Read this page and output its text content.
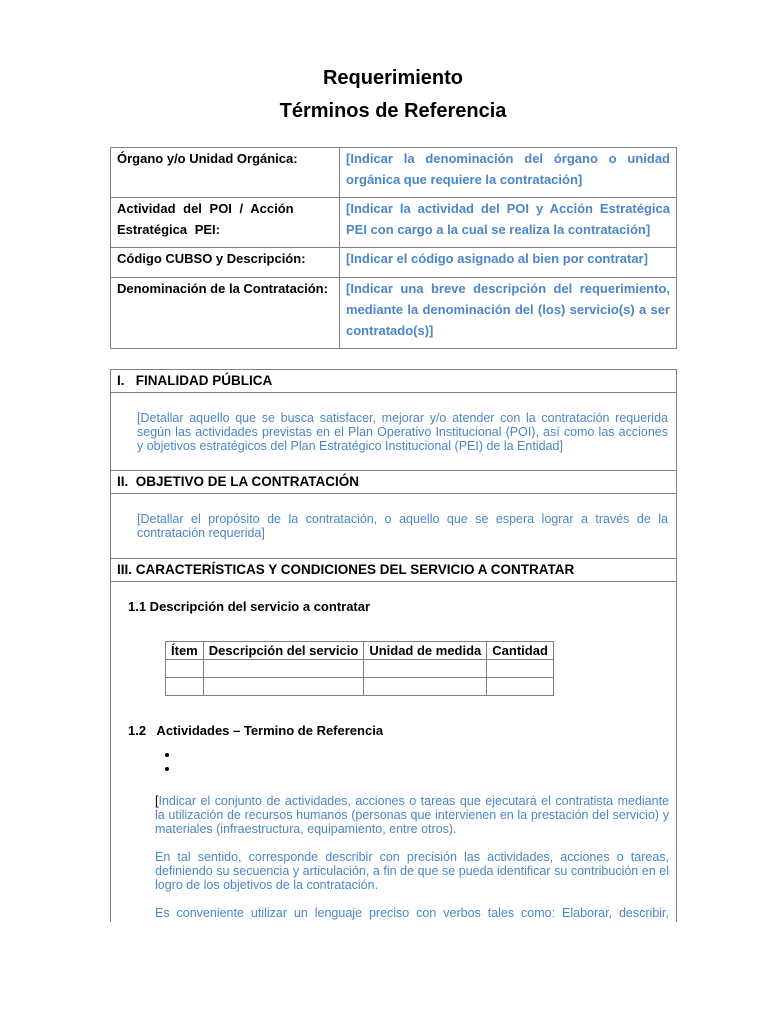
Requerimiento
Términos de Referencia
Órgano y/o Unidad Orgánica:	[Indicar la denominación del órgano o unidad orgánica que requiere la contratación]
Actividad del POI / Acción Estratégica PEI:	[Indicar la actividad del POI y Acción Estratégica PEI con cargo a la cual se realiza la contratación]
Código CUBSO y Descripción:	[Indicar el código asignado al bien por contratar]
Denominación de la Contratación:	[Indicar una breve descripción del requerimiento, mediante la denominación del (los) servicio(s) a ser contratado(s)]
I.   FINALIDAD PÚBLICA
[Detallar aquello que se busca satisfacer, mejorar y/o atender con la contratación requerida según las actividades previstas en el Plan Operativo Institucional (POI), así como las acciones y objetivos estratégicos del Plan Estratégico Institucional (PEI) de la Entidad]
II.  OBJETIVO DE LA CONTRATACIÓN
[Detallar el propósito de la contratación, o aquello que se espera lograr a través de la contratación requerida]
III. CARACTERÍSTICAS Y CONDICIONES DEL SERVICIO A CONTRATAR
1.1 Descripción del servicio a contratar
Ítem	Descripción del servicio	Unidad de medida	Cantidad

1.2   Actividades – Termino de Referencia

[Indicar el conjunto de actividades, acciones o tareas que ejecutará el contratista mediante la utilización de recursos humanos (personas que intervienen en la prestación del servicio) y materiales (infraestructura, equipamiento, entre otros).

En tal sentido, corresponde describir con precisión las actividades, acciones o tareas, definiendo su secuencia y articulación, a fin de que se pueda identificar su contribución en el logro de los objetivos de la contratación.

Es conveniente utilizar un lenguaje preciso con verbos tales como: Elaborar, describir,
